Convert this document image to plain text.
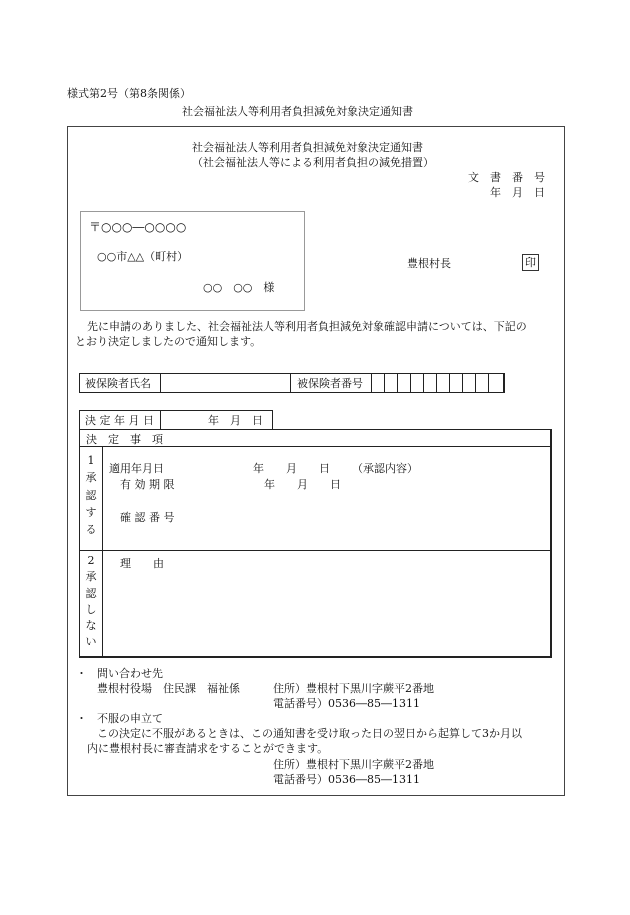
様式第2号（第8条関係）
社会福祉法人等利用者負担減免対象決定通知書
社会福祉法人等利用者負担減免対象決定通知書
（社会福祉法人等による利用者負担の減免措置）
文　書　番　号
年　月　日
〒○○○―○○○○
○○市△△（町村）
○○　○○　様
豊根村長	印
先に申請のありました、社会福祉法人等利用者負担減免対象確認申請については、下記の
とおり決定しましたので通知します。
被保険者氏名	被保険者番号
決 定 年 月 日	年　月　日
決　定　事　項
1
承
認
す
る
適用年月日	年　　月　　日 （承認内容）
有 効 期 限	年　　月　　日
確 認 番 号
2
承
認
し
な
い
理　　由
・ 問い合わせ先
豊根村役場　住民課　福祉係	住所）豊根村下黒川字蕨平2番地
電話番号）0536―85―1311
・ 不服の申立て
この決定に不服があるときは、この通知書を受け取った日の翌日から起算して3か月以
内に豊根村長に審査請求をすることができます。
住所）豊根村下黒川字蕨平2番地
電話番号）0536―85―1311
